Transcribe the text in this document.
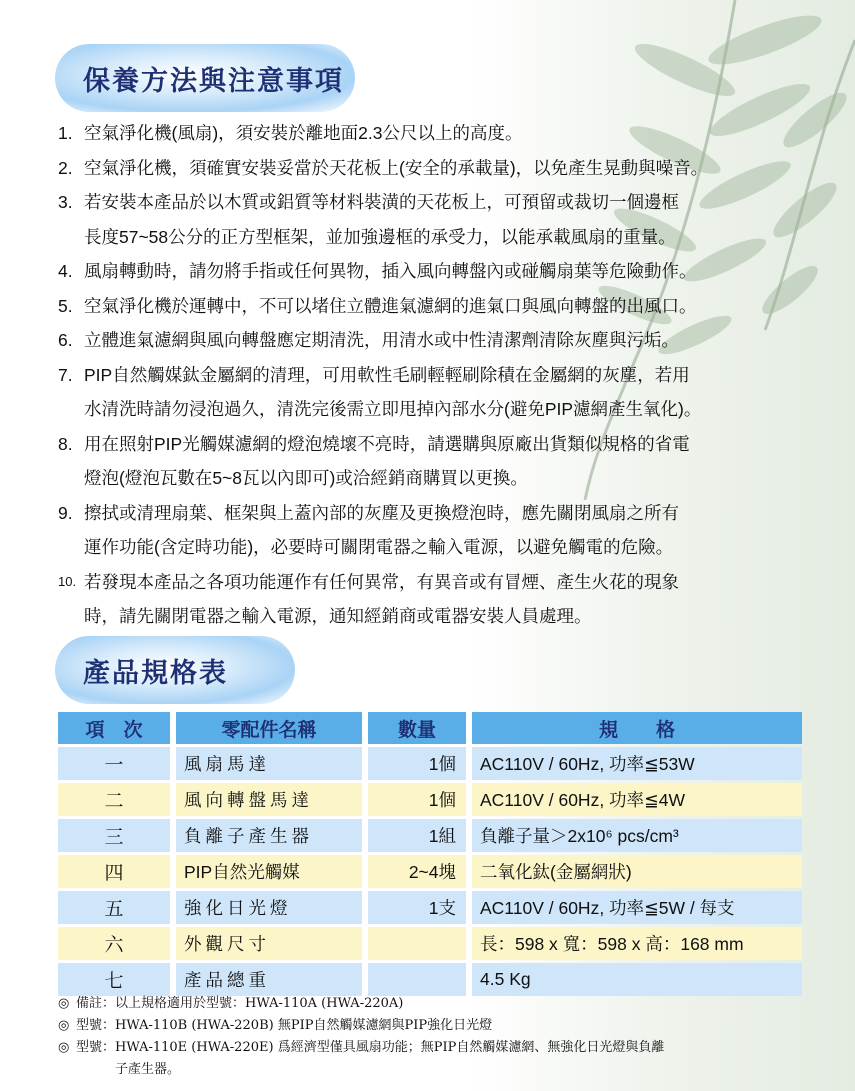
保養方法與注意事項
1. 空氣淨化機(風扇)，須安裝於離地面2.3公尺以上的高度。
2. 空氣淨化機，須確實安裝妥當於天花板上(安全的承載量)，以免產生晃動與噪音。
3. 若安裝本產品於以木質或鋁質等材料裝潢的天花板上，可預留或裁切一個邊框
長度57~58公分的正方型框架，並加強邊框的承受力，以能承載風扇的重量。
4. 風扇轉動時，請勿將手指或任何異物，插入風向轉盤內或碰觸扇葉等危險動作。
5. 空氣淨化機於運轉中，不可以堵住立體進氣濾網的進氣口與風向轉盤的出風口。
6. 立體進氣濾網與風向轉盤應定期清洗，用清水或中性清潔劑清除灰塵與污垢。
7. PIP自然觸媒鈦金屬網的清理，可用軟性毛刷輕輕刷除積在金屬網的灰塵，若用
水清洗時請勿浸泡過久，清洗完後需立即甩掉內部水分(避免PIP濾網產生氧化)。
8. 用在照射PIP光觸媒濾網的燈泡燒壞不亮時，請選購與原廠出貨類似規格的省電
燈泡(燈泡瓦數在5~8瓦以內即可)或洽經銷商購買以更換。
9. 擦拭或清理扇葉、框架與上蓋內部的灰塵及更換燈泡時，應先關閉風扇之所有
運作功能(含定時功能)，必要時可關閉電器之輸入電源，以避免觸電的危險。
10. 若發現本產品之各項功能運作有任何異常，有異音或有冒煙、產生火花的現象
時，請先關閉電器之輸入電源，通知經銷商或電器安裝人員處理。
產品規格表
項　次	零配件名稱	數量	規　　格
一	風扇馬達	1個	AC110V / 60Hz, 功率≦53W
二	風向轉盤馬達	1個	AC110V / 60Hz, 功率≦4W
三	負離子產生器	1組	負離子量＞2x10⁶ pcs/cm³
四	PIP自然光觸媒	2~4塊	二氧化鈦(金屬網狀)
五	強化日光燈	1支	AC110V / 60Hz, 功率≦5W / 每支
六	外觀尺寸		長：598 x 寬：598 x 高：168 mm
七	產品總重		4.5 Kg
◎ 備註： 以上規格適用於型號：HWA-110A (HWA-220A)
◎ 型號： HWA-110B (HWA-220B) 無PIP自然觸媒濾網與PIP強化日光燈
◎ 型號： HWA-110E (HWA-220E) 爲經濟型僅具風扇功能；無PIP自然觸媒濾網、無強化日光燈與負離
子產生器。
